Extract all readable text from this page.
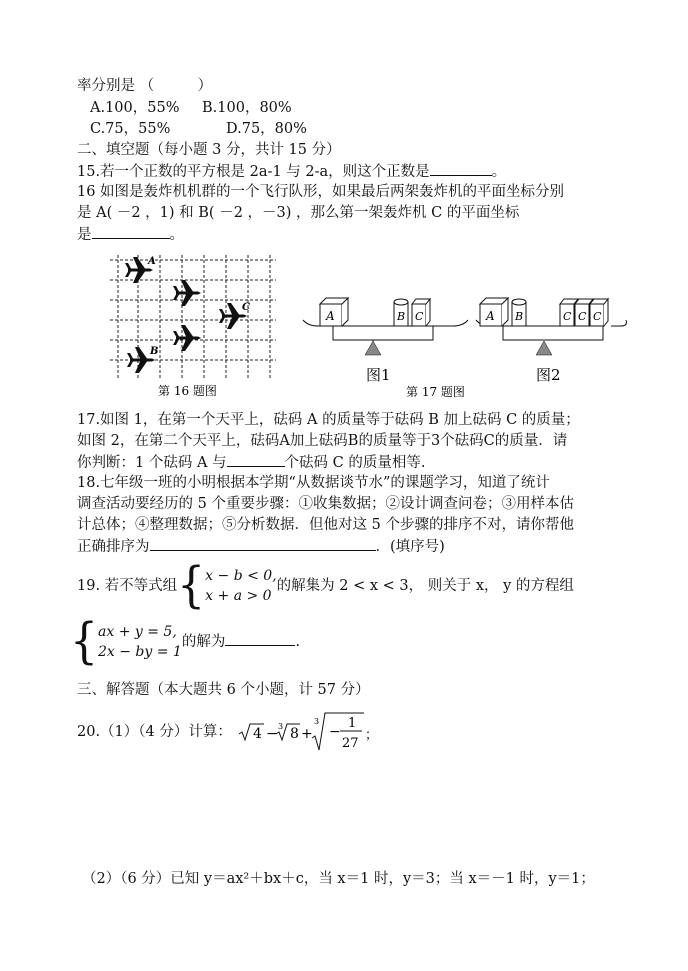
率分别是 （　　　）
A.100，55% B.100，80%
C.75，55%	D.75，80%
二、填空题（每小题 3 分，共计 15 分）
15.若一个正数的平方根是 2a-1 与 2-a，则这个正数是	。
16 如图是轰炸机机群的一个飞行队形，如果最后两架轰炸机的平面坐标分别
是 A( －2 ，1) 和 B( －2 ，－3) ，那么第一架轰炸机 C 的平面坐标
是	。
A
C
B
第 16 题图
A	B C
图1
A B	C C C
图2
第 17 题图
17.如图 1，在第一个天平上，砝码 A 的质量等于砝码 B 加上砝码 C 的质量；
如图 2，在第二个天平上，砝码A加上砝码B的质量等于3个砝码C的质量．请
你判断：1 个砝码 A 与	个砝码 C 的质量相等.
18.七年级一班的小明根据本学期“从数据谈节水”的课题学习，知道了统计
调查活动要经历的 5 个重要步骤：①收集数据；②设计调查问卷；③用样本估
计总体；④整理数据；⑤分析数据．但他对这 5 个步骤的排序不对，请你帮他
正确排序为	．(填序号)
19. 若不等式组{ x − b < 0,
x + a > 0
的解集为 2 < x < 3， 则关于 x， y 的方程组
{ ax + y = 5,
2x − by = 1
的解为	.
三、解答题（本大题共 6 个小题，计 57 分）
20.（1）（4 分）计算： 4 − 3 8 +
3
−
1
27
；
（2）（6 分）已知 y＝ax²＋bx＋c，当 x＝1 时，y＝3；当 x＝－1 时，y＝1；
